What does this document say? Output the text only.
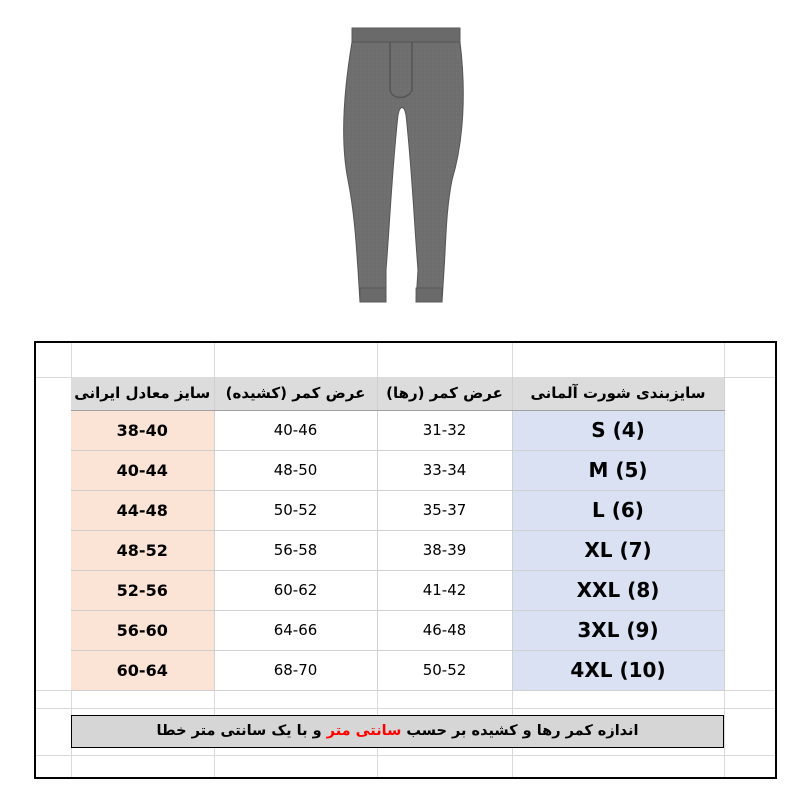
سایز معادل ایرانی	عرض کمر (کشیده)	عرض کمر (رها)	سایزبندی شورت آلمانی
38-40	40-46	31-32	S (4)
40-44	48-50	33-34	M (5)
44-48	50-52	35-37	L (6)
48-52	56-58	38-39	XL (7)
52-56	60-62	41-42	XXL (8)
56-60	64-66	46-48	3XL (9)
60-64	68-70	50-52	4XL (10)
اندازه کمر رها و کشیده بر حسب سانتی متر و با یک سانتی متر خطا
